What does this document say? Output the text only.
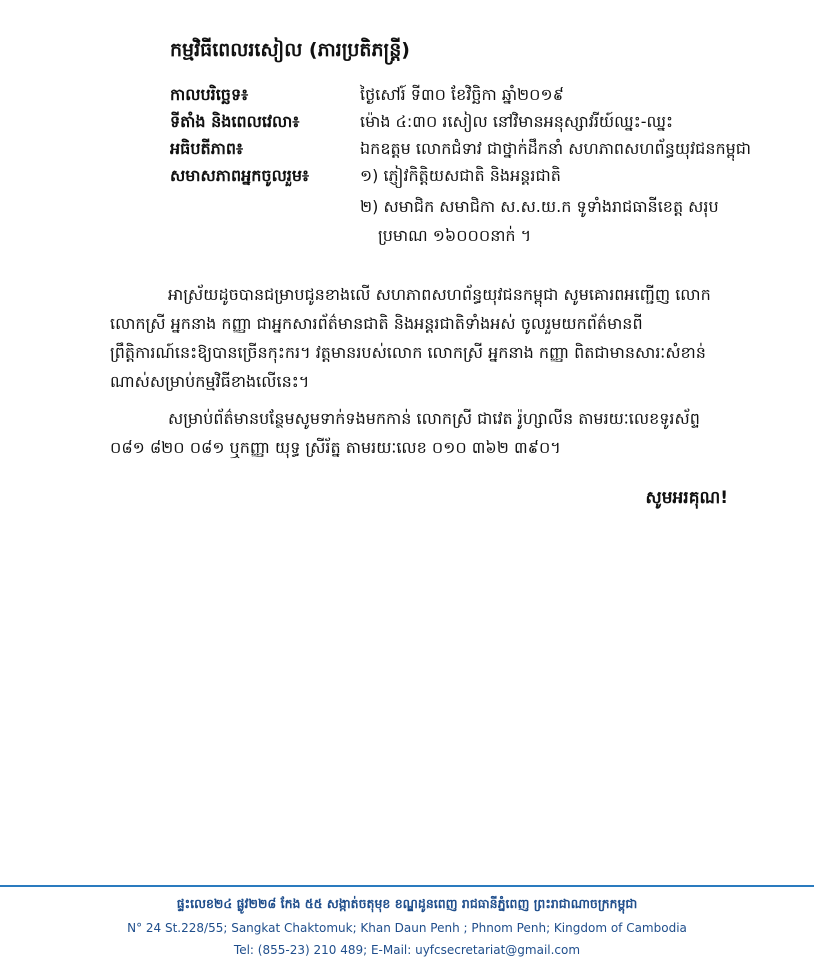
កម្មវិធីពេលរសៀល (ភារប្រតិភន្ត្រី)
កាលបរិច្ឆេទ៖	ថ្ងៃសៅរ៍ ទី៣០ ខែវិច្ឆិកា ឆ្នាំ២០១៩
ទីតាំង និងពេលវេលា៖	ម៉ោង ៤:៣០ រសៀល នៅវិមានអនុស្សាវរីយ៍ឈ្នះ-ឈ្នះ
អធិបតីភាព៖	ឯកឧត្តម លោកជំទាវ ជាថ្នាក់ដឹកនាំ សហភាពសហព័ន្ធយុវជនកម្ពុជា
សមាសភាពអ្នកចូលរួម៖	១) ភ្ញៀវកិត្តិយសជាតិ និងអន្តរជាតិ
២) សមាជិក សមាជិកា ស.ស.យ.ក ទូទាំងរាជធានីខេត្ត សរុប
ប្រមាណ ១៦០០០នាក់ ។
អាស្រ័យដូចបានជម្រាបជូនខាងលើ សហភាពសហព័ន្ធយុវជនកម្ពុជា សូមគោរពអញ្ជើញ លោក
លោកស្រី អ្នកនាង កញ្ញា ជាអ្នកសារព័ត៌មានជាតិ និងអន្តរជាតិទាំងអស់ ចូលរួមយកព័ត៌មានពី
ព្រឹត្តិការណ៍នេះឱ្យបានច្រើនកុះករ។ វត្តមានរបស់លោក លោកស្រី អ្នកនាង កញ្ញា ពិតជាមានសារៈសំខាន់
ណាស់សម្រាប់កម្មវិធីខាងលើនេះ។
សម្រាប់ព័ត៌មានបន្ថែមសូមទាក់ទងមកកាន់ លោកស្រី ជាវេត រ៉ូហ្សាលីន តាមរយៈលេខទូរស័ព្ទ
០៨១ ៨២០ ០៨១ ឬកញ្ញា យុទ្ធ ស្រីរ័ត្ន តាមរយៈលេខ ០១០ ៣៦២ ៣៩០។
សូមអរគុណ!
ផ្ទះលេខ២៤ ផ្លូវ២២៨ កែង ៥៥ សង្កាត់ចតុមុខ ខណ្ឌដូនពេញ រាជធានីភ្នំពេញ ព្រះរាជាណាចក្រកម្ពុជា
N° 24 St.228/55; Sangkat Chaktomuk; Khan Daun Penh ; Phnom Penh; Kingdom of Cambodia
Tel: (855-23) 210 489; E-Mail: uyfcsecretariat@gmail.com
